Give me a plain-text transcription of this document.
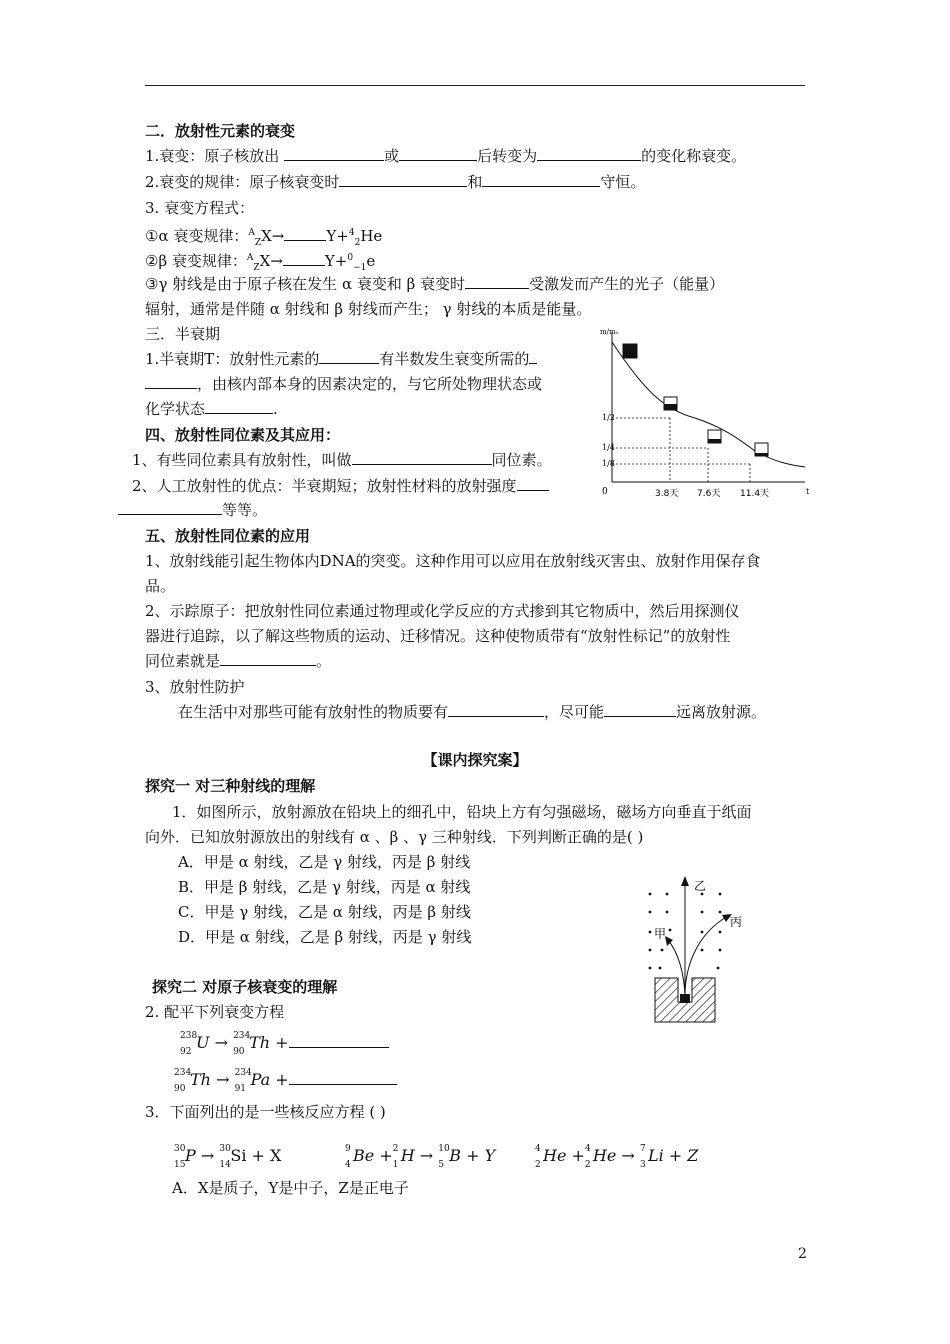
二．放射性元素的衰变
1.衰变：原子核放出	或	后转变为	的变化称衰变。
2.衰变的规律：原子核衰变时	和	守恒。
3. 衰变方程式：
①α 衰变规律：$^A_Z$X→	Y+$^4_2$He
②β 衰变规律：$^A_Z$X→	Y+$^0_{-1}$e
③γ 射线是由于原子核在发生 α 衰变和 β 衰变时	受激发而产生的光子（能量）
辐射，通常是伴随 α 射线和 β 射线而产生； γ 射线的本质是能量。
三．半衰期
1.半衰期T：放射性元素的	有半数发生衰变所需的
，由核内部本身的因素决定的，与它所处物理状态或
化学状态	.
四、放射性同位素及其应用：
1、有些同位素具有放射性，叫做	同位素。
2、人工放射性的优点：半衰期短；放射性材料的放射强度
等等。
m/m₀
0	t
1/2
1/4
1/8
3.8天 7.6天 11.4天
五、放射性同位素的应用
1、放射线能引起生物体内DNA的突变。这种作用可以应用在放射线灭害虫、放射作用保存食
品。
2、示踪原子：把放射性同位素通过物理或化学反应的方式掺到其它物质中，然后用探测仪
器进行追踪，以了解这些物质的运动、迁移情况。这种使物质带有“放射性标记”的放射性
同位素就是	。
3、放射性防护
在生活中对那些可能有放射性的物质要有	，尽可能	远离放射源。
【课内探究案】
探究一 对三种射线的理解
1．如图所示，放射源放在铅块上的细孔中，铅块上方有匀强磁场，磁场方向垂直于纸面
向外．已知放射源放出的射线有 α 、β 、γ 三种射线．下列判断正确的是( )
A．甲是 α 射线，乙是 γ 射线，丙是 β 射线
B．甲是 β 射线，乙是 γ 射线，丙是 α 射线
C．甲是 γ 射线，乙是 α 射线，丙是 β 射线
D．甲是 α 射线，乙是 β 射线，丙是 γ 射线
乙
丙
甲
探究二 对原子核衰变的理解
2. 配平下列衰变方程
238
92 U → 234
90 Th +
234
90 Th → 234
91 Pa +
3．下面列出的是一些核反应方程 ( )
30
15 P → 30
14 Si + X	9
4 Be + 2
1 H → 10
5 B + Y	4
2 He + 4
2 He → 7
3 Li + Z
A．X是质子，Y是中子，Z是正电子
2
